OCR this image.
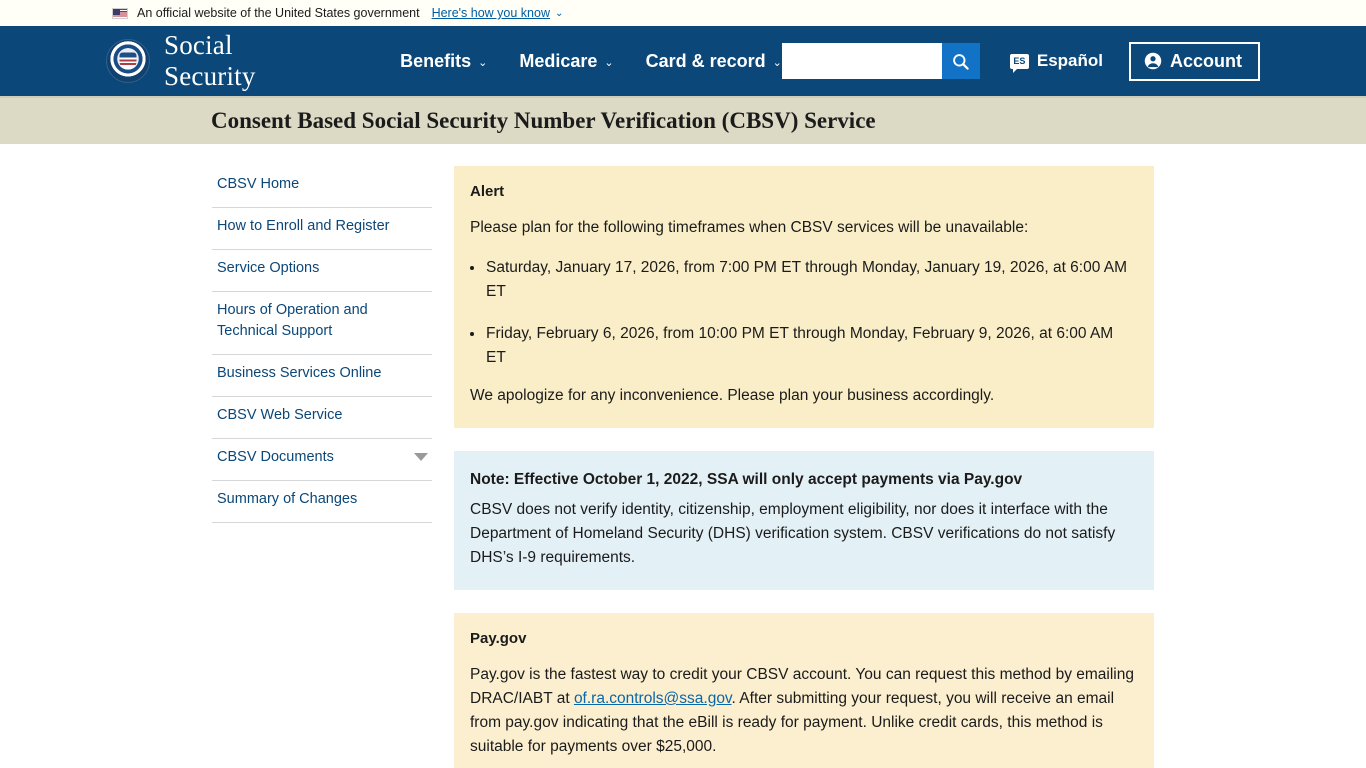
An official website of the United States government Here's how you know ⌄
Social Security
Benefits ⌄ Medicare ⌄ Card & record ⌄	ES Español	Account
Consent Based Social Security Number Verification (CBSV) Service
CBSV Home
How to Enroll and Register
Service Options
Hours of Operation and Technical Support
Business Services Online
CBSV Web Service
CBSV Documents
Summary of Changes
Alert

Please plan for the following timeframes when CBSV services will be unavailable:

Saturday, January 17, 2026, from 7:00 PM ET through Monday, January 19, 2026, at 6:00 AM ET
Friday, February 6, 2026, from 10:00 PM ET through Monday, February 9, 2026, at 6:00 AM ET

We apologize for any inconvenience. Please plan your business accordingly.

Note: Effective October 1, 2022, SSA will only accept payments via Pay.gov

CBSV does not verify identity, citizenship, employment eligibility, nor does it interface with the Department of Homeland Security (DHS) verification system. CBSV verifications do not satisfy DHS’s I-9 requirements.

Pay.gov

Pay.gov is the fastest way to credit your CBSV account. You can request this method by emailing DRAC/IABT at of.ra.controls@ssa.gov. After submitting your request, you will receive an email from pay.gov indicating that the eBill is ready for payment. Unlike credit cards, this method is suitable for payments over $25,000.
